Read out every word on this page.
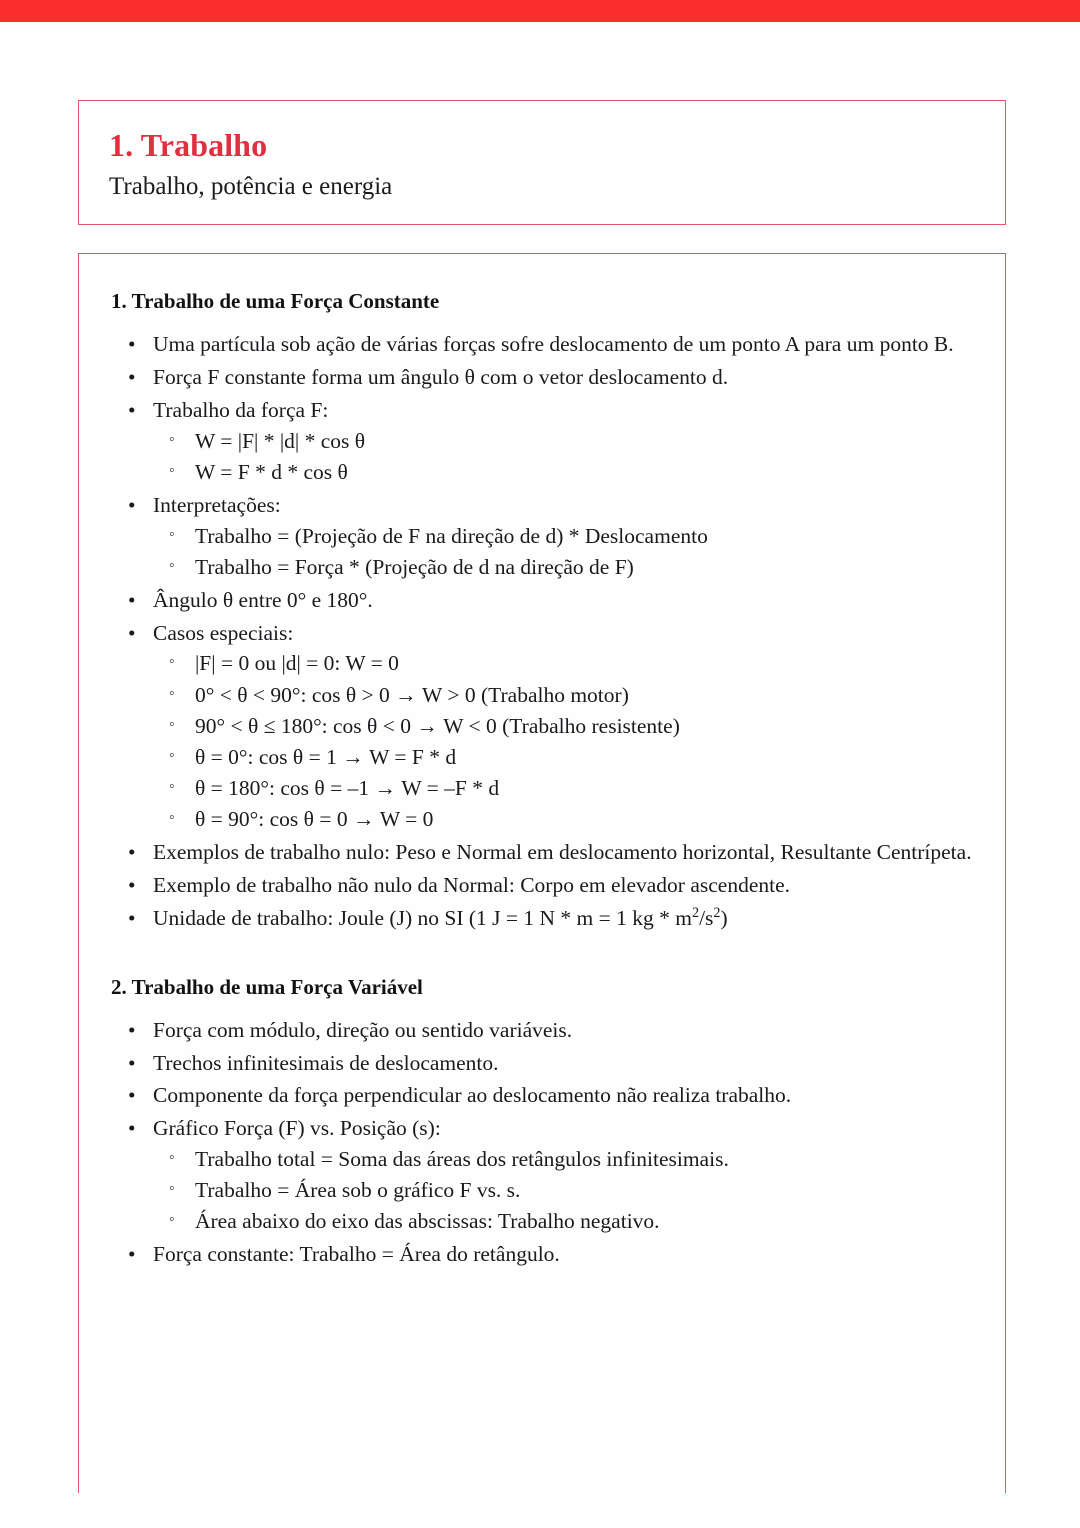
1. Trabalho

Trabalho, potência e energia

1. Trabalho de uma Força Constante
• Uma partícula sob ação de várias forças sofre deslocamento de um ponto A para um ponto B.
• Força F constante forma um ângulo θ com o vetor deslocamento d.
• Trabalho da força F:
◦ W = |F| * |d| * cos θ
◦ W = F * d * cos θ
• Interpretações:
◦ Trabalho = (Projeção de F na direção de d) * Deslocamento
◦ Trabalho = Força * (Projeção de d na direção de F)
• Ângulo θ entre 0° e 180°.
• Casos especiais:
◦ |F| = 0 ou |d| = 0: W = 0
◦ 0° < θ < 90°: cos θ > 0 → W > 0 (Trabalho motor)
◦ 90° < θ ≤ 180°: cos θ < 0 → W < 0 (Trabalho resistente)
◦ θ = 0°: cos θ = 1 → W = F * d
◦ θ = 180°: cos θ = –1 → W = –F * d
◦ θ = 90°: cos θ = 0 → W = 0
• Exemplos de trabalho nulo: Peso e Normal em deslocamento horizontal, Resultante Centrípeta.
• Exemplo de trabalho não nulo da Normal: Corpo em elevador ascendente.
• Unidade de trabalho: Joule (J) no SI (1 J = 1 N * m = 1 kg * $m^2/s^2$)
2. Trabalho de uma Força Variável
• Força com módulo, direção ou sentido variáveis.
• Trechos infinitesimais de deslocamento.
• Componente da força perpendicular ao deslocamento não realiza trabalho.
• Gráfico Força (F) vs. Posição (s):
◦ Trabalho total = Soma das áreas dos retângulos infinitesimais.
◦ Trabalho = Área sob o gráfico F vs. s.
◦ Área abaixo do eixo das abscissas: Trabalho negativo.
• Força constante: Trabalho = Área do retângulo.
